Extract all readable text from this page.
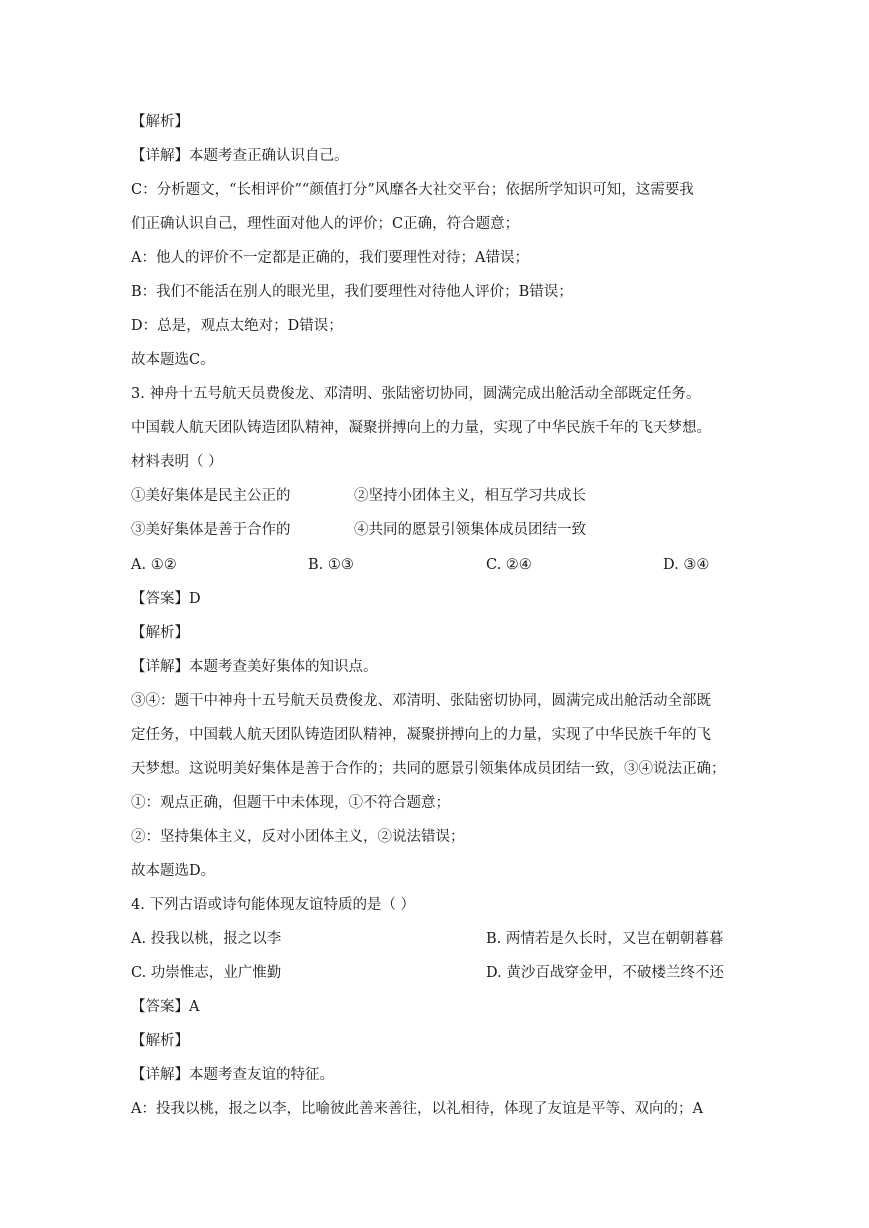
【解析】
【详解】本题考查正确认识自己。
C：分析题文，“长相评价”“颜值打分”风靡各大社交平台；依据所学知识可知，这需要我
们正确认识自己，理性面对他人的评价；C正确，符合题意；
A：他人的评价不一定都是正确的，我们要理性对待；A错误；
B：我们不能活在别人的眼光里，我们要理性对待他人评价；B错误；
D：总是，观点太绝对；D错误；
故本题选C。
3. 神舟十五号航天员费俊龙、邓清明、张陆密切协同，圆满完成出舱活动全部既定任务。
中国载人航天团队铸造团队精神，凝聚拼搏向上的力量，实现了中华民族千年的飞天梦想。
材料表明（ ）
①美好集体是民主公正的	②坚持小团体主义，相互学习共成长
③美好集体是善于合作的	④共同的愿景引领集体成员团结一致
A. ①②	B. ①③	C. ②④	D. ③④
【答案】D
【解析】
【详解】本题考查美好集体的知识点。
③④：题干中神舟十五号航天员费俊龙、邓清明、张陆密切协同，圆满完成出舱活动全部既
定任务，中国载人航天团队铸造团队精神，凝聚拼搏向上的力量，实现了中华民族千年的飞
天梦想。这说明美好集体是善于合作的；共同的愿景引领集体成员团结一致，③④说法正确；
①：观点正确，但题干中未体现，①不符合题意；
②：坚持集体主义，反对小团体主义，②说法错误；
故本题选D。
4. 下列古语或诗句能体现友谊特质的是（ ）
A. 投我以桃，报之以李	B. 两情若是久长时，又岂在朝朝暮暮
C. 功崇惟志，业广惟勤	D. 黄沙百战穿金甲，不破楼兰终不还
【答案】A
【解析】
【详解】本题考查友谊的特征。
A：投我以桃，报之以李，比喻彼此善来善往，以礼相待，体现了友谊是平等、双向的；A
